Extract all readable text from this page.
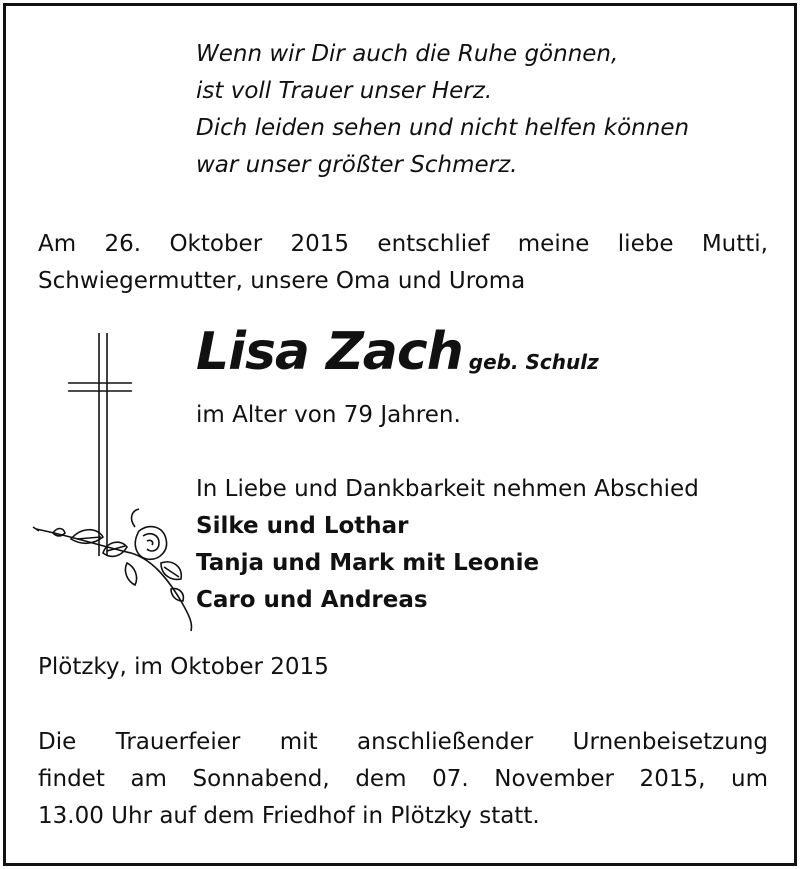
Wenn wir Dir auch die Ruhe gönnen,
ist voll Trauer unser Herz.
Dich leiden sehen und nicht helfen können
war unser größter Schmerz.
Am 26. Oktober 2015 entschlief meine liebe Mutti,
Schwiegermutter, unsere Oma und Uroma
Lisa Zach geb. Schulz
im Alter von 79 Jahren.
In Liebe und Dankbarkeit nehmen Abschied
Silke und Lothar
Tanja und Mark mit Leonie
Caro und Andreas
Plötzky, im Oktober 2015
Die Trauerfeier mit anschließender Urnenbeisetzung
findet am Sonnabend, dem 07. November 2015, um
13.00 Uhr auf dem Friedhof in Plötzky statt.
